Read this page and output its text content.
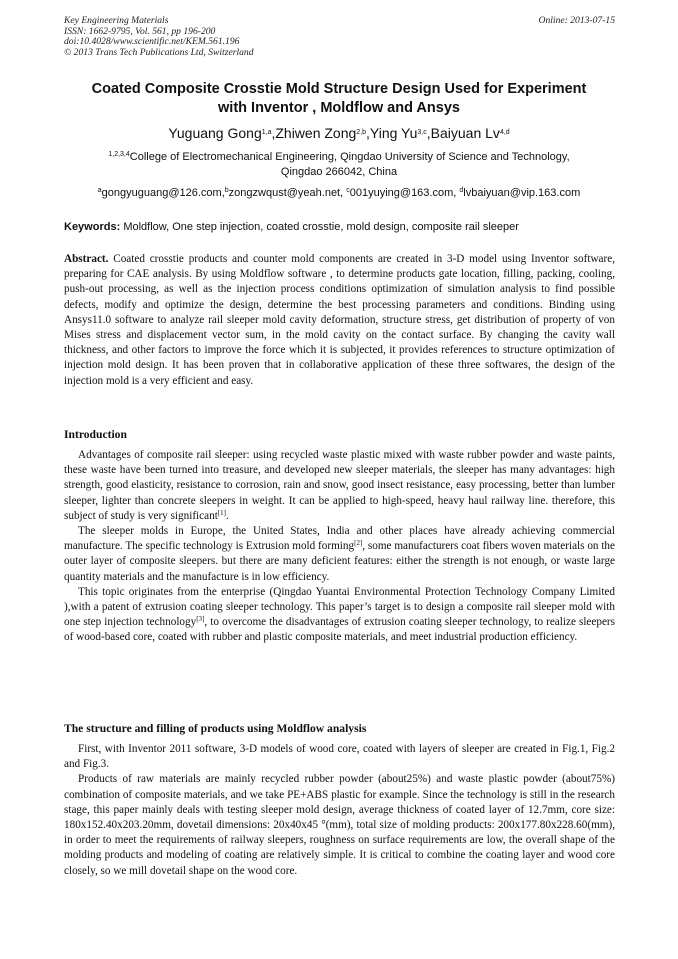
Key Engineering Materials
ISSN: 1662-9795, Vol. 561, pp 196-200
doi:10.4028/www.scientific.net/KEM.561.196
© 2013 Trans Tech Publications Ltd, Switzerland
Online: 2013-07-15
Coated Composite Crosstie Mold Structure Design Used for Experiment
with Inventor , Moldflow and Ansys
Yuguang Gong$^{1,a}$,Zhiwen Zong$^{2,b}$,Ying Yu$^{3,c}$,Baiyuan Lv$^{4,d}$
$^{1,2,3,4}$College of Electromechanical Engineering, Qingdao University of Science and Technology,
Qingdao 266042, China
$^a$gongyuguang@126.com,$^b$zongzwqust@yeah.net, $^c$001yuying@163.com, $^d$lvbaiyuan@vip.163.com
Keywords: Moldflow, One step injection, coated crosstie, mold design, composite rail sleeper
Abstract. Coated crosstie products and counter mold components are created in 3-D model using Inventor software, preparing for CAE analysis. By using Moldflow software , to determine products gate location, filling, packing, cooling, push-out processing, as well as the injection process conditions optimization of simulation analysis to find possible defects, modify and optimize the design, determine the best processing parameters and conditions. Binding using Ansys11.0 software to analyze rail sleeper mold cavity deformation, structure stress, get distribution of property of von Mises stress and displacement vector sum, in the mold cavity on the contact surface. By changing the cavity wall thickness, and other factors to improve the force which it is subjected, it provides references to structure optimization of injection mold design. It has been proven that in collaborative application of these three softwares, the design of the injection mold is a very efficient and easy.
Introduction

Advantages of composite rail sleeper: using recycled waste plastic mixed with waste rubber powder and waste paints, these waste have been turned into treasure, and developed new sleeper materials, the sleeper has many advantages: high strength, good elasticity, resistance to corrosion, rain and snow, good insect resistance, easy processing, better than lumber sleeper, lighter than concrete sleepers in weight. It can be applied to high-speed, heavy haul railway line. therefore, this subject of study is very significant[1].

The sleeper molds in Europe, the United States, India and other places have already achieving commercial manufacture. The specific technology is Extrusion mold forming[2], some manufacturers coat fibers woven materials on the outer layer of composite sleepers. but there are many deficient features: either the strength is not enough, or waste large quantity materials and the manufacture is in low efficiency.

This topic originates from the enterprise (Qingdao Yuantai Environmental Protection Technology Company Limited ),with a patent of extrusion coating sleeper technology. This paper’s target is to design a composite rail sleeper mold with one step injection technology[3], to overcome the disadvantages of extrusion coating sleeper technology, to realize sleepers of wood-based core, coated with rubber and plastic composite materials, and meet industrial production efficiency.

The structure and filling of products using Moldflow analysis

First, with Inventor 2011 software, 3-D models of wood core, coated with layers of sleeper are created in Fig.1, Fig.2 and Fig.3.

Products of raw materials are mainly recycled rubber powder (about25%) and waste plastic powder (about75%) combination of composite materials, and we take PE+ABS plastic for example. Since the technology is still in the research stage, this paper mainly deals with testing sleeper mold design, average thickness of coated layer of 12.7mm, core size: 180x152.40x203.20mm, dovetail dimensions: 20x40x45 °(mm), total size of molding products: 200x177.80x228.60(mm), in order to meet the requirements of railway sleepers, roughness on surface requirements are low, the overall shape of the molding products and modeling of coating are relatively simple. It is critical to combine the coating layer and wood core closely, so we mill dovetail shape on the wood core.
